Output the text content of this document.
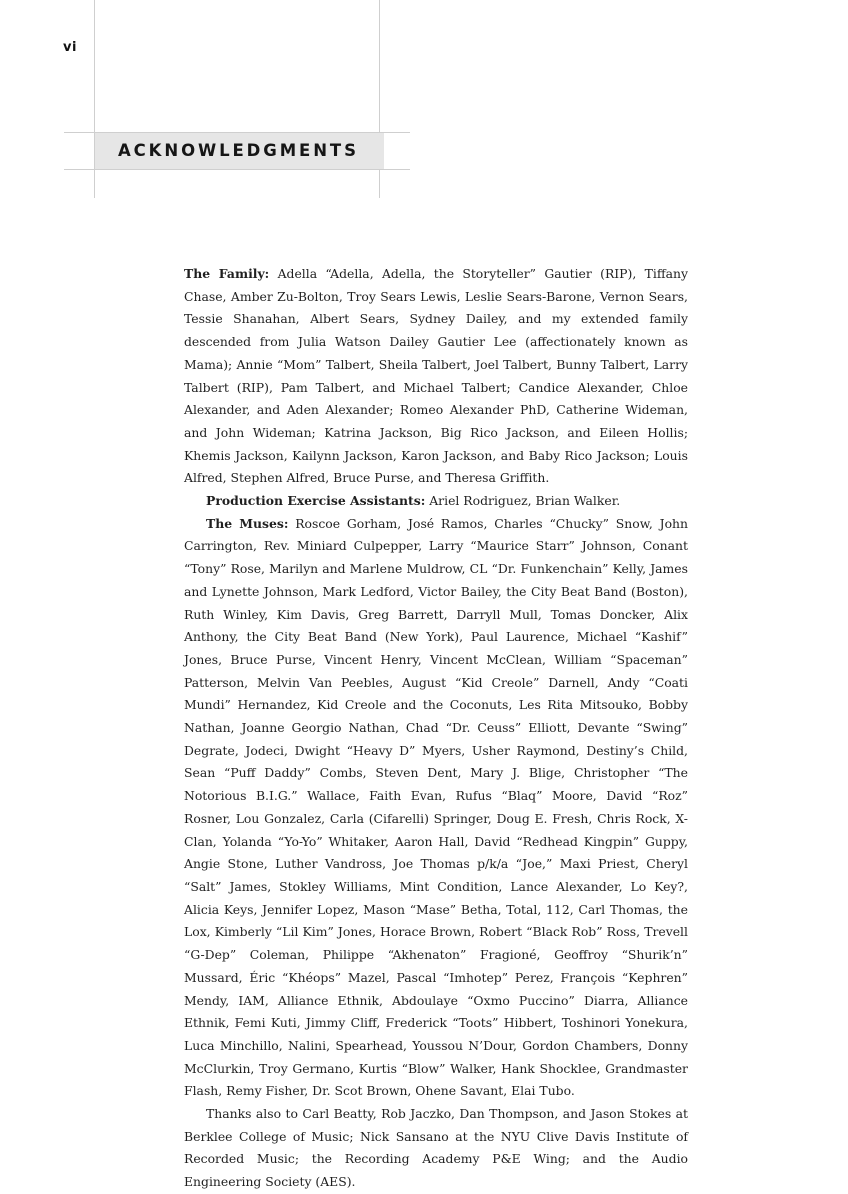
vi
ACKNOWLEDGMENTS

The Family: Adella “Adella, Adella, the Storyteller” Gautier (RIP), Tiffany Chase, Amber Zu-Bolton, Troy Sears Lewis, Leslie Sears-Barone, Vernon Sears, Tessie Shanahan, Albert Sears, Sydney Dailey, and my extended family descended from Julia Watson Dailey Gautier Lee (affectionately known as Mama); Annie “Mom” Talbert, Sheila Talbert, Joel Talbert, Bunny Talbert, Larry Talbert (RIP), Pam Talbert, and Michael Talbert; Candice Alexander, Chloe Alexander, and Aden Alexander; Romeo Alexander PhD, Catherine Wideman, and John Wideman; Katrina Jackson, Big Rico Jackson, and Eileen Hollis; Khemis Jackson, Kailynn Jackson, Karon Jackson, and Baby Rico Jackson; Louis Alfred, Stephen Alfred, Bruce Purse, and Theresa Griffith.

Production Exercise Assistants: Ariel Rodriguez, Brian Walker.

The Muses: Roscoe Gorham, José Ramos, Charles “Chucky” Snow, John Carrington, Rev. Miniard Culpepper, Larry “Maurice Starr” Johnson, Conant “Tony” Rose, Marilyn and Marlene Muldrow, CL “Dr. Funkenchain” Kelly, James and Lynette Johnson, Mark Ledford, Victor Bailey, the City Beat Band (Boston), Ruth Winley, Kim Davis, Greg Barrett, Darryll Mull, Tomas Doncker, Alix Anthony, the City Beat Band (New York), Paul Laurence, Michael “Kashif” Jones, Bruce Purse, Vincent Henry, Vincent McClean, William “Spaceman” Patterson, Melvin Van Peebles, August “Kid Creole” Darnell, Andy “Coati Mundi” Hernandez, Kid Creole and the Coconuts, Les Rita Mitsouko, Bobby Nathan, Joanne Georgio Nathan, Chad “Dr. Ceuss” Elliott, Devante “Swing” Degrate, Jodeci, Dwight “Heavy D” Myers, Usher Raymond, Destiny’s Child, Sean “Puff Daddy” Combs, Steven Dent, Mary J. Blige, Christopher “The Notorious B.I.G.” Wallace, Faith Evan, Rufus “Blaq” Moore, David “Roz” Rosner, Lou Gonzalez, Carla (Cifarelli) Springer, Doug E. Fresh, Chris Rock, X-Clan, Yolanda “Yo-Yo” Whitaker, Aaron Hall, David “Redhead Kingpin” Guppy, Angie Stone, Luther Vandross, Joe Thomas p/k/a “Joe,” Maxi Priest, Cheryl “Salt” James, Stokley Williams, Mint Condition, Lance Alexander, Lo Key?, Alicia Keys, Jennifer Lopez, Mason “Mase” Betha, Total, 112, Carl Thomas, the Lox, Kimberly “Lil Kim” Jones, Horace Brown, Robert “Black Rob” Ross, Trevell “G-Dep” Coleman, Philippe “Akhenaton” Fragioné, Geoffroy “Shurik’n” Mussard, Éric “Khéops” Mazel, Pascal “Imhotep” Perez, François “Kephren” Mendy, IAM, Alliance Ethnik, Abdoulaye “Oxmo Puccino” Diarra, Alliance Ethnik, Femi Kuti, Jimmy Cliff, Frederick “Toots” Hibbert, Toshinori Yonekura, Luca Minchillo, Nalini, Spearhead, Youssou N’Dour, Gordon Chambers, Donny McClurkin, Troy Germano, Kurtis “Blow” Walker, Hank Shocklee, Grandmaster Flash, Remy Fisher, Dr. Scot Brown, Ohene Savant, Elai Tubo.

Thanks also to Carl Beatty, Rob Jaczko, Dan Thompson, and Jason Stokes at Berklee College of Music; Nick Sansano at the NYU Clive Davis Institute of Recorded Music; the Recording Academy P&E Wing; and the Audio Engineering Society (AES).
